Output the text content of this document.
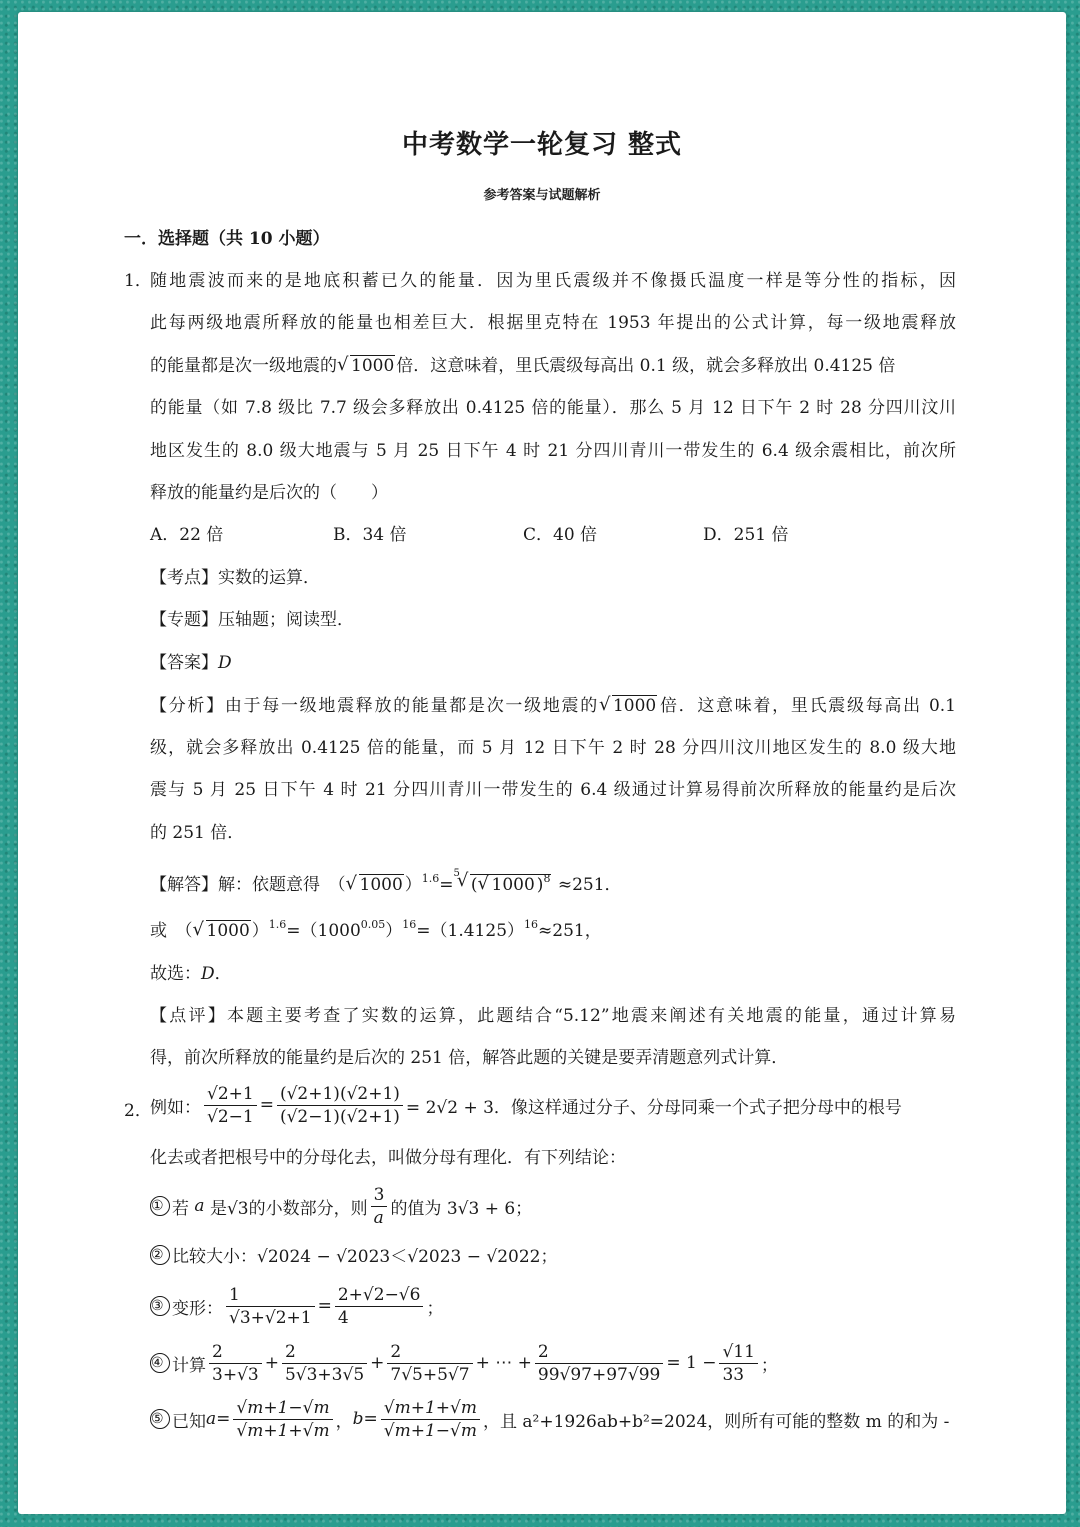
中考数学一轮复习 整式
参考答案与试题解析
一．选择题（共 10 小题）
1．
随地震波而来的是地底积蓄已久的能量．因为里氏震级并不像摄氏温度一样是等分性的指标，因
此每两级地震所释放的能量也相差巨大．根据里克特在 1953 年提出的公式计算，每一级地震释放
的能量都是次一级地震的 √ 1000 倍．这意味着，里氏震级每高出 0.1 级，就会多释放出 0.4125 倍
的能量（如 7.8 级比 7.7 级会多释放出 0.4125 倍的能量）．那么 5 月 12 日下午 2 时 28 分四川汶川
地区发生的 8.0 级大地震与 5 月 25 日下午 4 时 21 分四川青川一带发生的 6.4 级余震相比，前次所
释放的能量约是后次的（　　）
A．22 倍	B．34 倍	C．40 倍	D．251 倍
【考点】实数的运算．
【专题】压轴题；阅读型．
【答案】D
【分析】由于每一级地震释放的能量都是次一级地震的 √ 1000 倍．这意味着，里氏震级每高出 0.1
级，就会多释放出 0.4125 倍的能量，而 5 月 12 日下午 2 时 28 分四川汶川地区发生的 8.0 级大地
震与 5 月 25 日下午 4 时 21 分四川青川一带发生的 6.4 级通过计算易得前次所释放的能量约是后次
的 251 倍．
【解答】解：依题意得　（ √ 1000 ）$^{1.6}$=$^5$√ ( √ 1000 )$^8$ ≈251．
或　（ √ 1000 ）$^{1.6}=(1000^{0.05})^{16}=(1.4125)^{16}\approx 251$，
故选：D．
【点评】本题主要考查了实数的运算，此题结合“5.12”地震来阐述有关地震的能量，通过计算易
得，前次所释放的能量约是后次的 251 倍，解答此题的关键是要弄清题意列式计算．
2．
例如： $\frac{√2+1}{√2-1} = \frac{(√2+1)(√2+1)}{(√2-1)(√2+1)} = 2√2 + 3$．像这样通过分子、分母同乘一个式子把分母中的根号
化去或者把根号中的分母化去，叫做分母有理化．有下列结论：
① 若
a
是√3的小数部分，则 $\frac{3}{a}$ 的值为 3√3 + 6；
② 比较大小：√2024 − √2023＜√2023 − √2022；
③ 变形： $\frac{1}{√3+√2+1} = \frac{2+√2-√6}{4}$ ；
④ 计算 $\frac{2}{3+√3} + \frac{2}{5√3+3√5} + \frac{2}{7√5+5√7}$ + ⋯ + $\frac{2}{99√97+97√99} = 1 - \frac{√11}{33}$ ；
⑤ 已知 $a = \frac{√m+1-√m}{√m+1+√m}$ ， $b = \frac{√m+1+√m}{√m+1-√m}$ ，且 a²+1926ab+b²=2024，则所有可能的整数 m 的和为 -
